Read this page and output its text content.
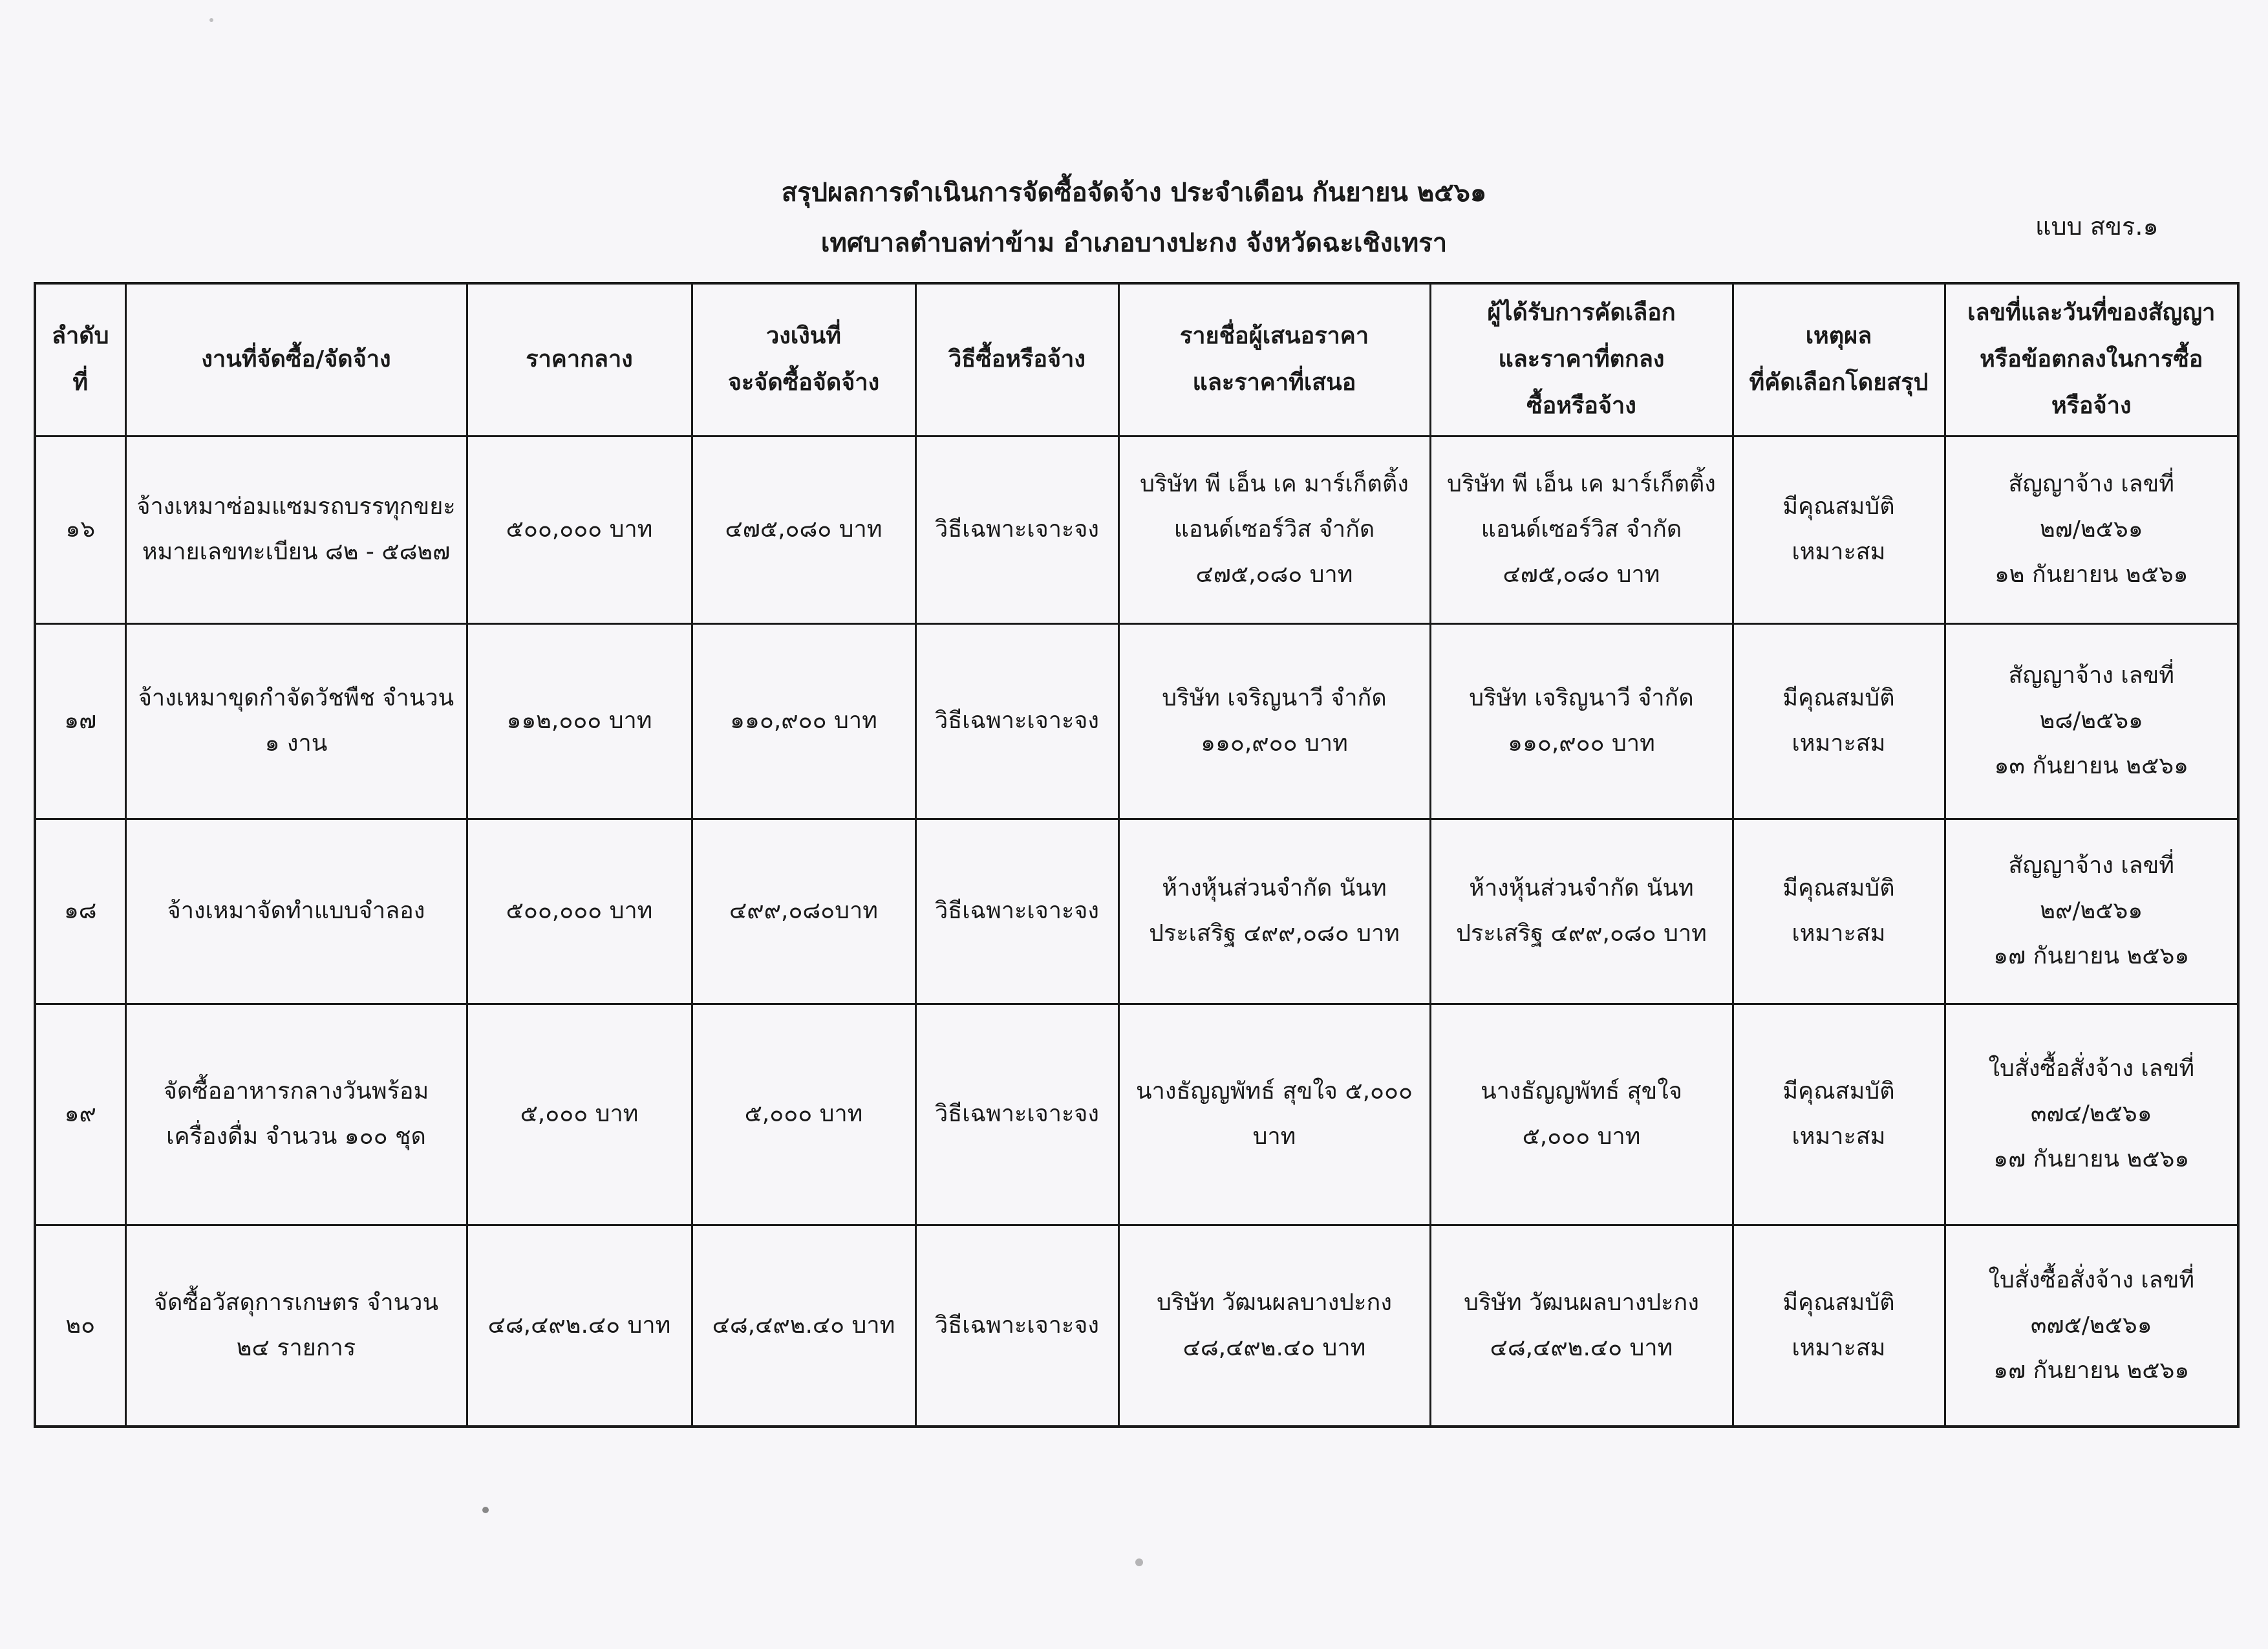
สรุปผลการดำเนินการจัดซื้อจัดจ้าง ประจำเดือน กันยายน ๒๕๖๑
เทศบาลตำบลท่าข้าม อำเภอบางปะกง จังหวัดฉะเชิงเทรา
แบบ สขร.๑
ลำดับที่	งานที่จัดซื้อ/จัดจ้าง	ราคากลาง	วงเงินที่
จะจัดซื้อจัดจ้าง	วิธีซื้อหรือจ้าง	รายชื่อผู้เสนอราคา
และราคาที่เสนอ	ผู้ได้รับการคัดเลือก
และราคาที่ตกลง
ซื้อหรือจ้าง	เหตุผล
ที่คัดเลือกโดยสรุป	เลขที่และวันที่ของสัญญา
หรือข้อตกลงในการซื้อ
หรือจ้าง

๑๖	จ้างเหมาซ่อมแซมรถบรรทุกขยะ
หมายเลขทะเบียน ๘๒ - ๕๘๒๗	๕๐๐,๐๐๐ บาท	๔๗๕,๐๘๐ บาท	วิธีเฉพาะเจาะจง	บริษัท พี เอ็น เค มาร์เก็ตติ้ง
แอนด์เซอร์วิส จำกัด
๔๗๕,๐๘๐ บาท	บริษัท พี เอ็น เค มาร์เก็ตติ้ง
แอนด์เซอร์วิส จำกัด
๔๗๕,๐๘๐ บาท	มีคุณสมบัติ
เหมาะสม	สัญญาจ้าง เลขที่
๒๗/๒๕๖๑
๑๒ กันยายน ๒๕๖๑

๑๗	จ้างเหมาขุดกำจัดวัชพืช จำนวน
๑ งาน	๑๑๒,๐๐๐ บาท	๑๑๐,๙๐๐ บาท	วิธีเฉพาะเจาะจง	บริษัท เจริญนาวี จำกัด
๑๑๐,๙๐๐ บาท	บริษัท เจริญนาวี จำกัด
๑๑๐,๙๐๐ บาท	มีคุณสมบัติ
เหมาะสม	สัญญาจ้าง เลขที่
๒๘/๒๕๖๑
๑๓ กันยายน ๒๕๖๑

๑๘	จ้างเหมาจัดทำแบบจำลอง	๕๐๐,๐๐๐ บาท	๔๙๙,๐๘๐บาท	วิธีเฉพาะเจาะจง	ห้างหุ้นส่วนจำกัด นันท
ประเสริฐ ๔๙๙,๐๘๐ บาท	ห้างหุ้นส่วนจำกัด นันท
ประเสริฐ ๔๙๙,๐๘๐ บาท	มีคุณสมบัติ
เหมาะสม	สัญญาจ้าง เลขที่
๒๙/๒๕๖๑
๑๗ กันยายน ๒๕๖๑

๑๙	จัดซื้ออาหารกลางวันพร้อม
เครื่องดื่ม จำนวน ๑๐๐ ชุด	๕,๐๐๐ บาท	๕,๐๐๐ บาท	วิธีเฉพาะเจาะจง	นางธัญญพัทธ์ สุขใจ ๕,๐๐๐
บาท	นางธัญญพัทธ์ สุขใจ
๕,๐๐๐ บาท	มีคุณสมบัติ
เหมาะสม	ใบสั่งซื้อสั่งจ้าง เลขที่
๓๗๔/๒๕๖๑
๑๗ กันยายน ๒๕๖๑

๒๐	จัดซื้อวัสดุการเกษตร จำนวน
๒๔ รายการ	๔๘,๔๙๒.๔๐ บาท	๔๘,๔๙๒.๔๐ บาท	วิธีเฉพาะเจาะจง	บริษัท วัฒนผลบางปะกง
๔๘,๔๙๒.๔๐ บาท	บริษัท วัฒนผลบางปะกง
๔๘,๔๙๒.๔๐ บาท	มีคุณสมบัติ
เหมาะสม	ใบสั่งซื้อสั่งจ้าง เลขที่
๓๗๕/๒๕๖๑
๑๗ กันยายน ๒๕๖๑
